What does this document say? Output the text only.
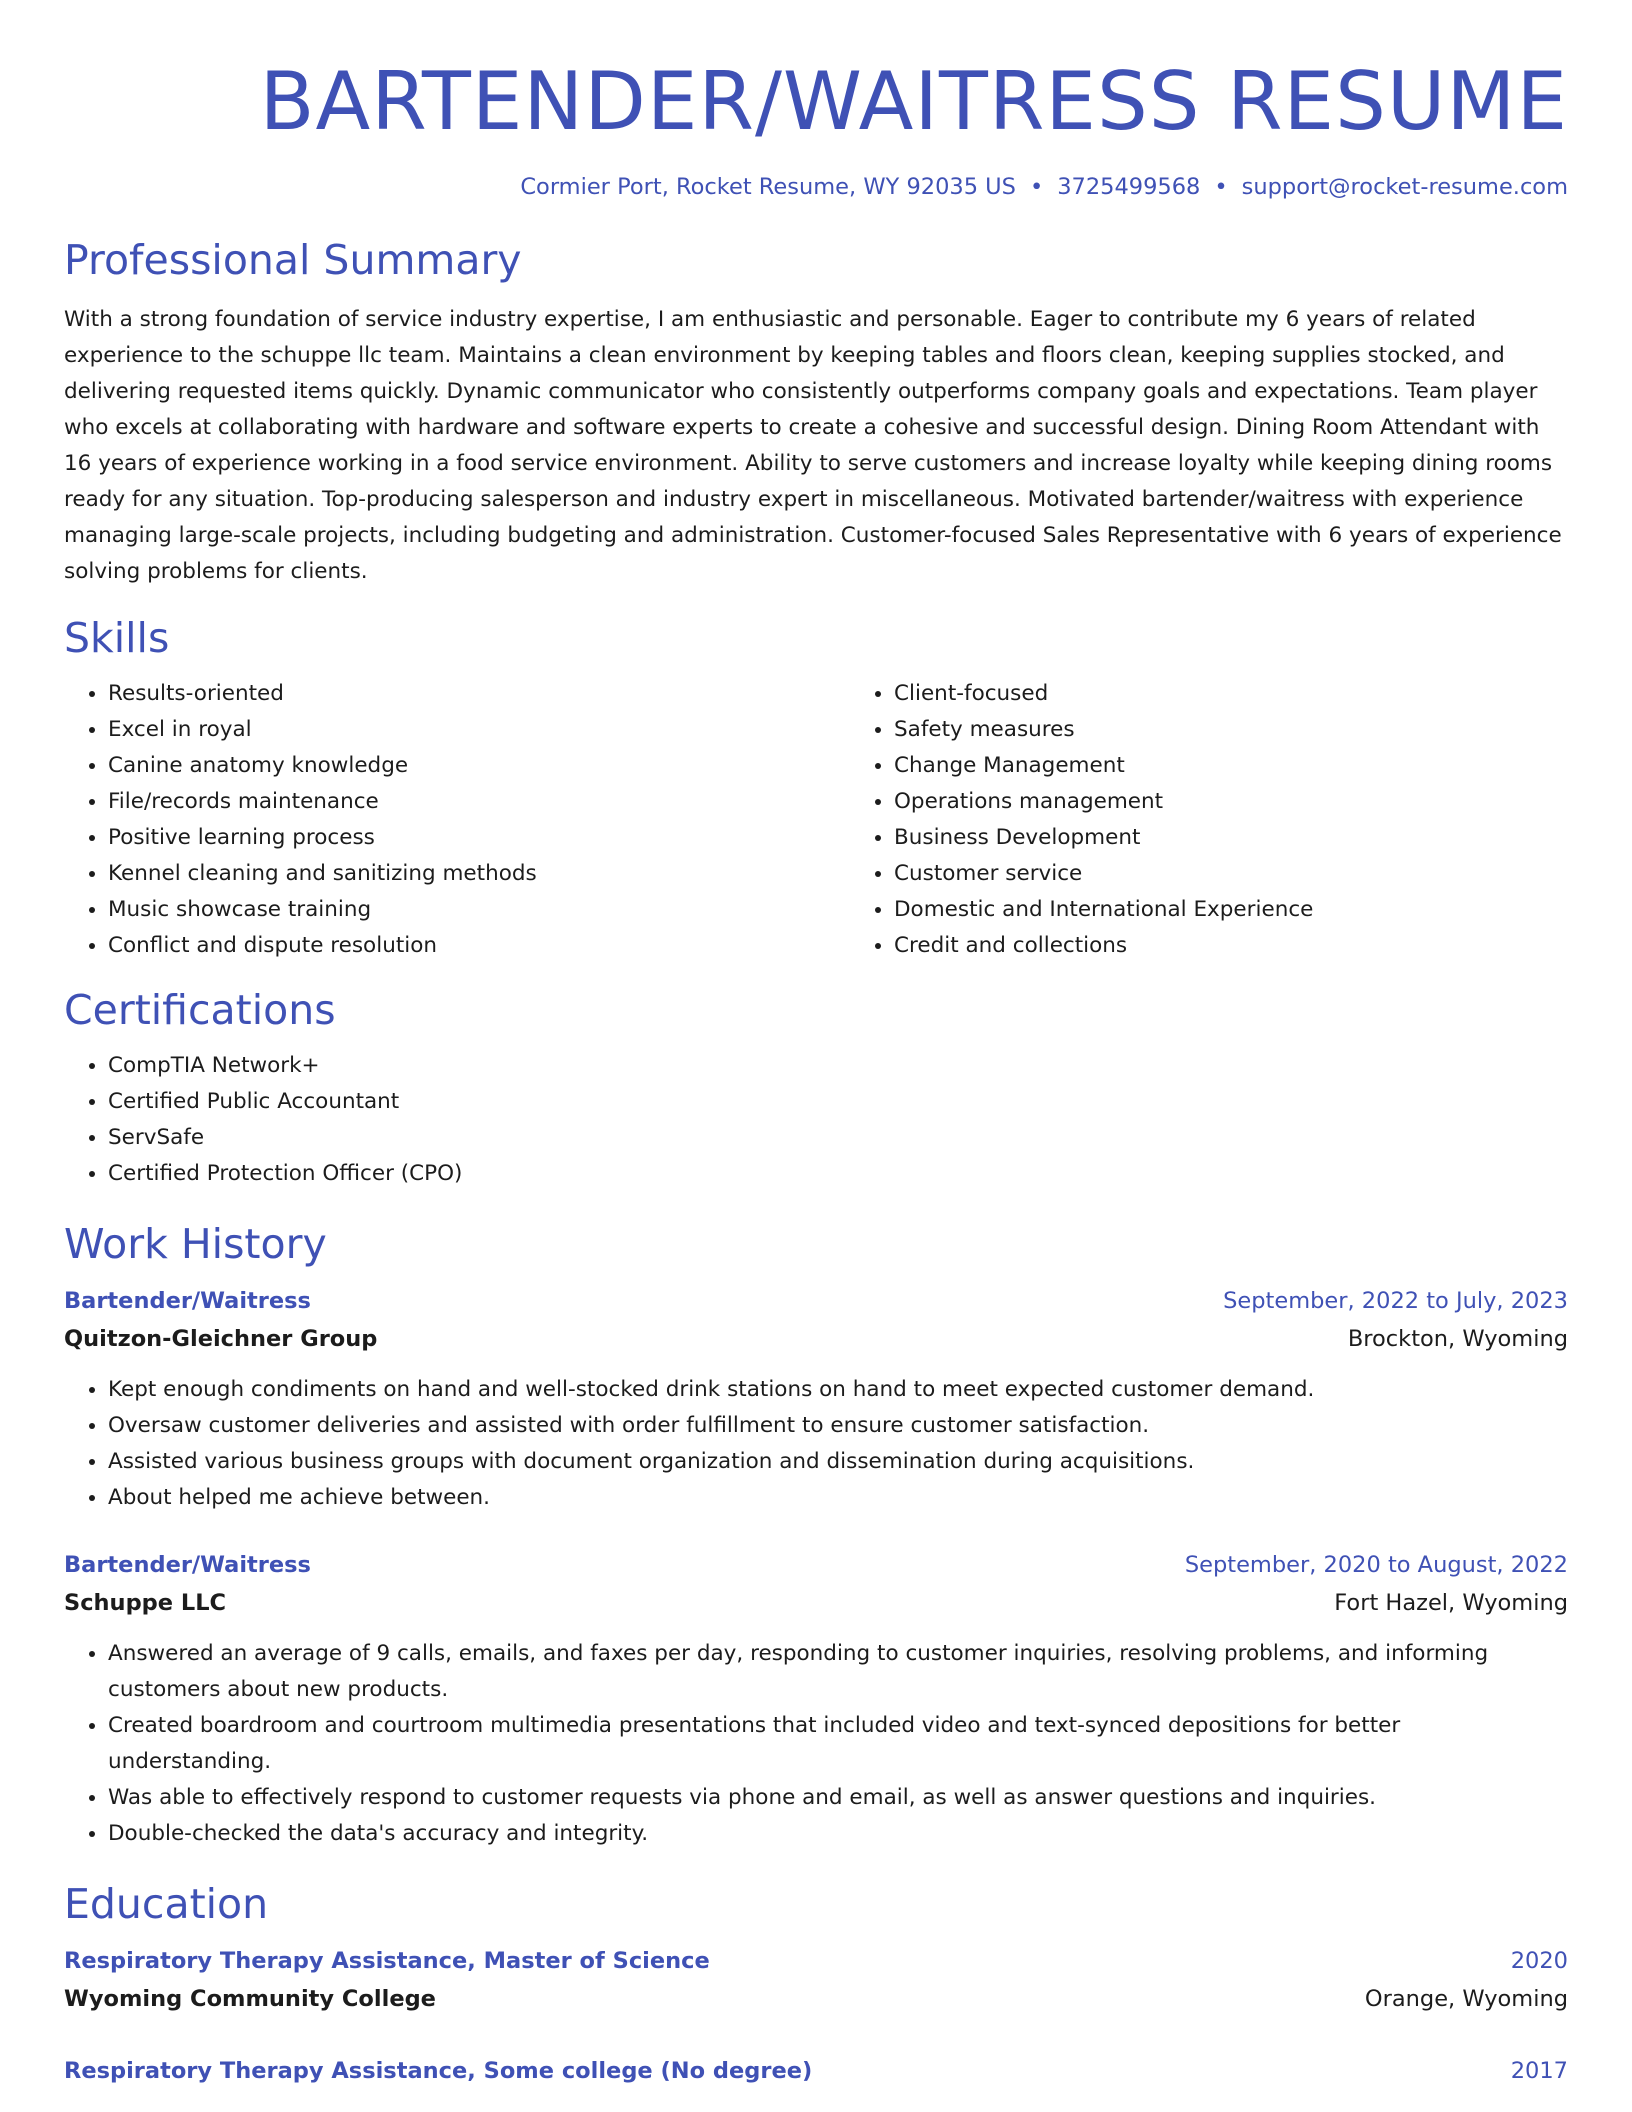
BARTENDER/WAITRESS RESUME
Cormier Port, Rocket Resume, WY 92035 US • 3725499568 • support@rocket-resume.com
Professional Summary

With a strong foundation of service industry expertise, I am enthusiastic and personable. Eager to contribute my 6 years of related experience to the schuppe llc team. Maintains a clean environment by keeping tables and floors clean, keeping supplies stocked, and delivering requested items quickly. Dynamic communicator who consistently outperforms company goals and expectations. Team player who excels at collaborating with hardware and software experts to create a cohesive and successful design. Dining Room Attendant with 16 years of experience working in a food service environment. Ability to serve customers and increase loyalty while keeping dining rooms ready for any situation. Top-producing salesperson and industry expert in miscellaneous. Motivated bartender/waitress with experience managing large-scale projects, including budgeting and administration. Customer-focused Sales Representative with 6 years of experience solving problems for clients.

Skills
• Results-oriented
• Excel in royal
• Canine anatomy knowledge
• File/records maintenance
• Positive learning process
• Kennel cleaning and sanitizing methods
• Music showcase training
• Conflict and dispute resolution
• Client-focused
• Safety measures
• Change Management
• Operations management
• Business Development
• Customer service
• Domestic and International Experience
• Credit and collections
Certifications
• CompTIA Network+
• Certified Public Accountant
• ServSafe
• Certified Protection Officer (CPO)
Work History
Bartender/Waitress	September, 2022 to July, 2023
Quitzon-Gleichner Group	Brockton, Wyoming
• Kept enough condiments on hand and well-stocked drink stations on hand to meet expected customer demand.
• Oversaw customer deliveries and assisted with order fulfillment to ensure customer satisfaction.
• Assisted various business groups with document organization and dissemination during acquisitions.
• About helped me achieve between.
Bartender/Waitress	September, 2020 to August, 2022
Schuppe LLC	Fort Hazel, Wyoming
• Answered an average of 9 calls, emails, and faxes per day, responding to customer inquiries, resolving problems, and informing customers about new products.
• Created boardroom and courtroom multimedia presentations that included video and text-synced depositions for better understanding.
• Was able to effectively respond to customer requests via phone and email, as well as answer questions and inquiries.
• Double-checked the data's accuracy and integrity.
Education
Respiratory Therapy Assistance, Master of Science	2020
Wyoming Community College	Orange, Wyoming
Respiratory Therapy Assistance, Some college (No degree)	2017
